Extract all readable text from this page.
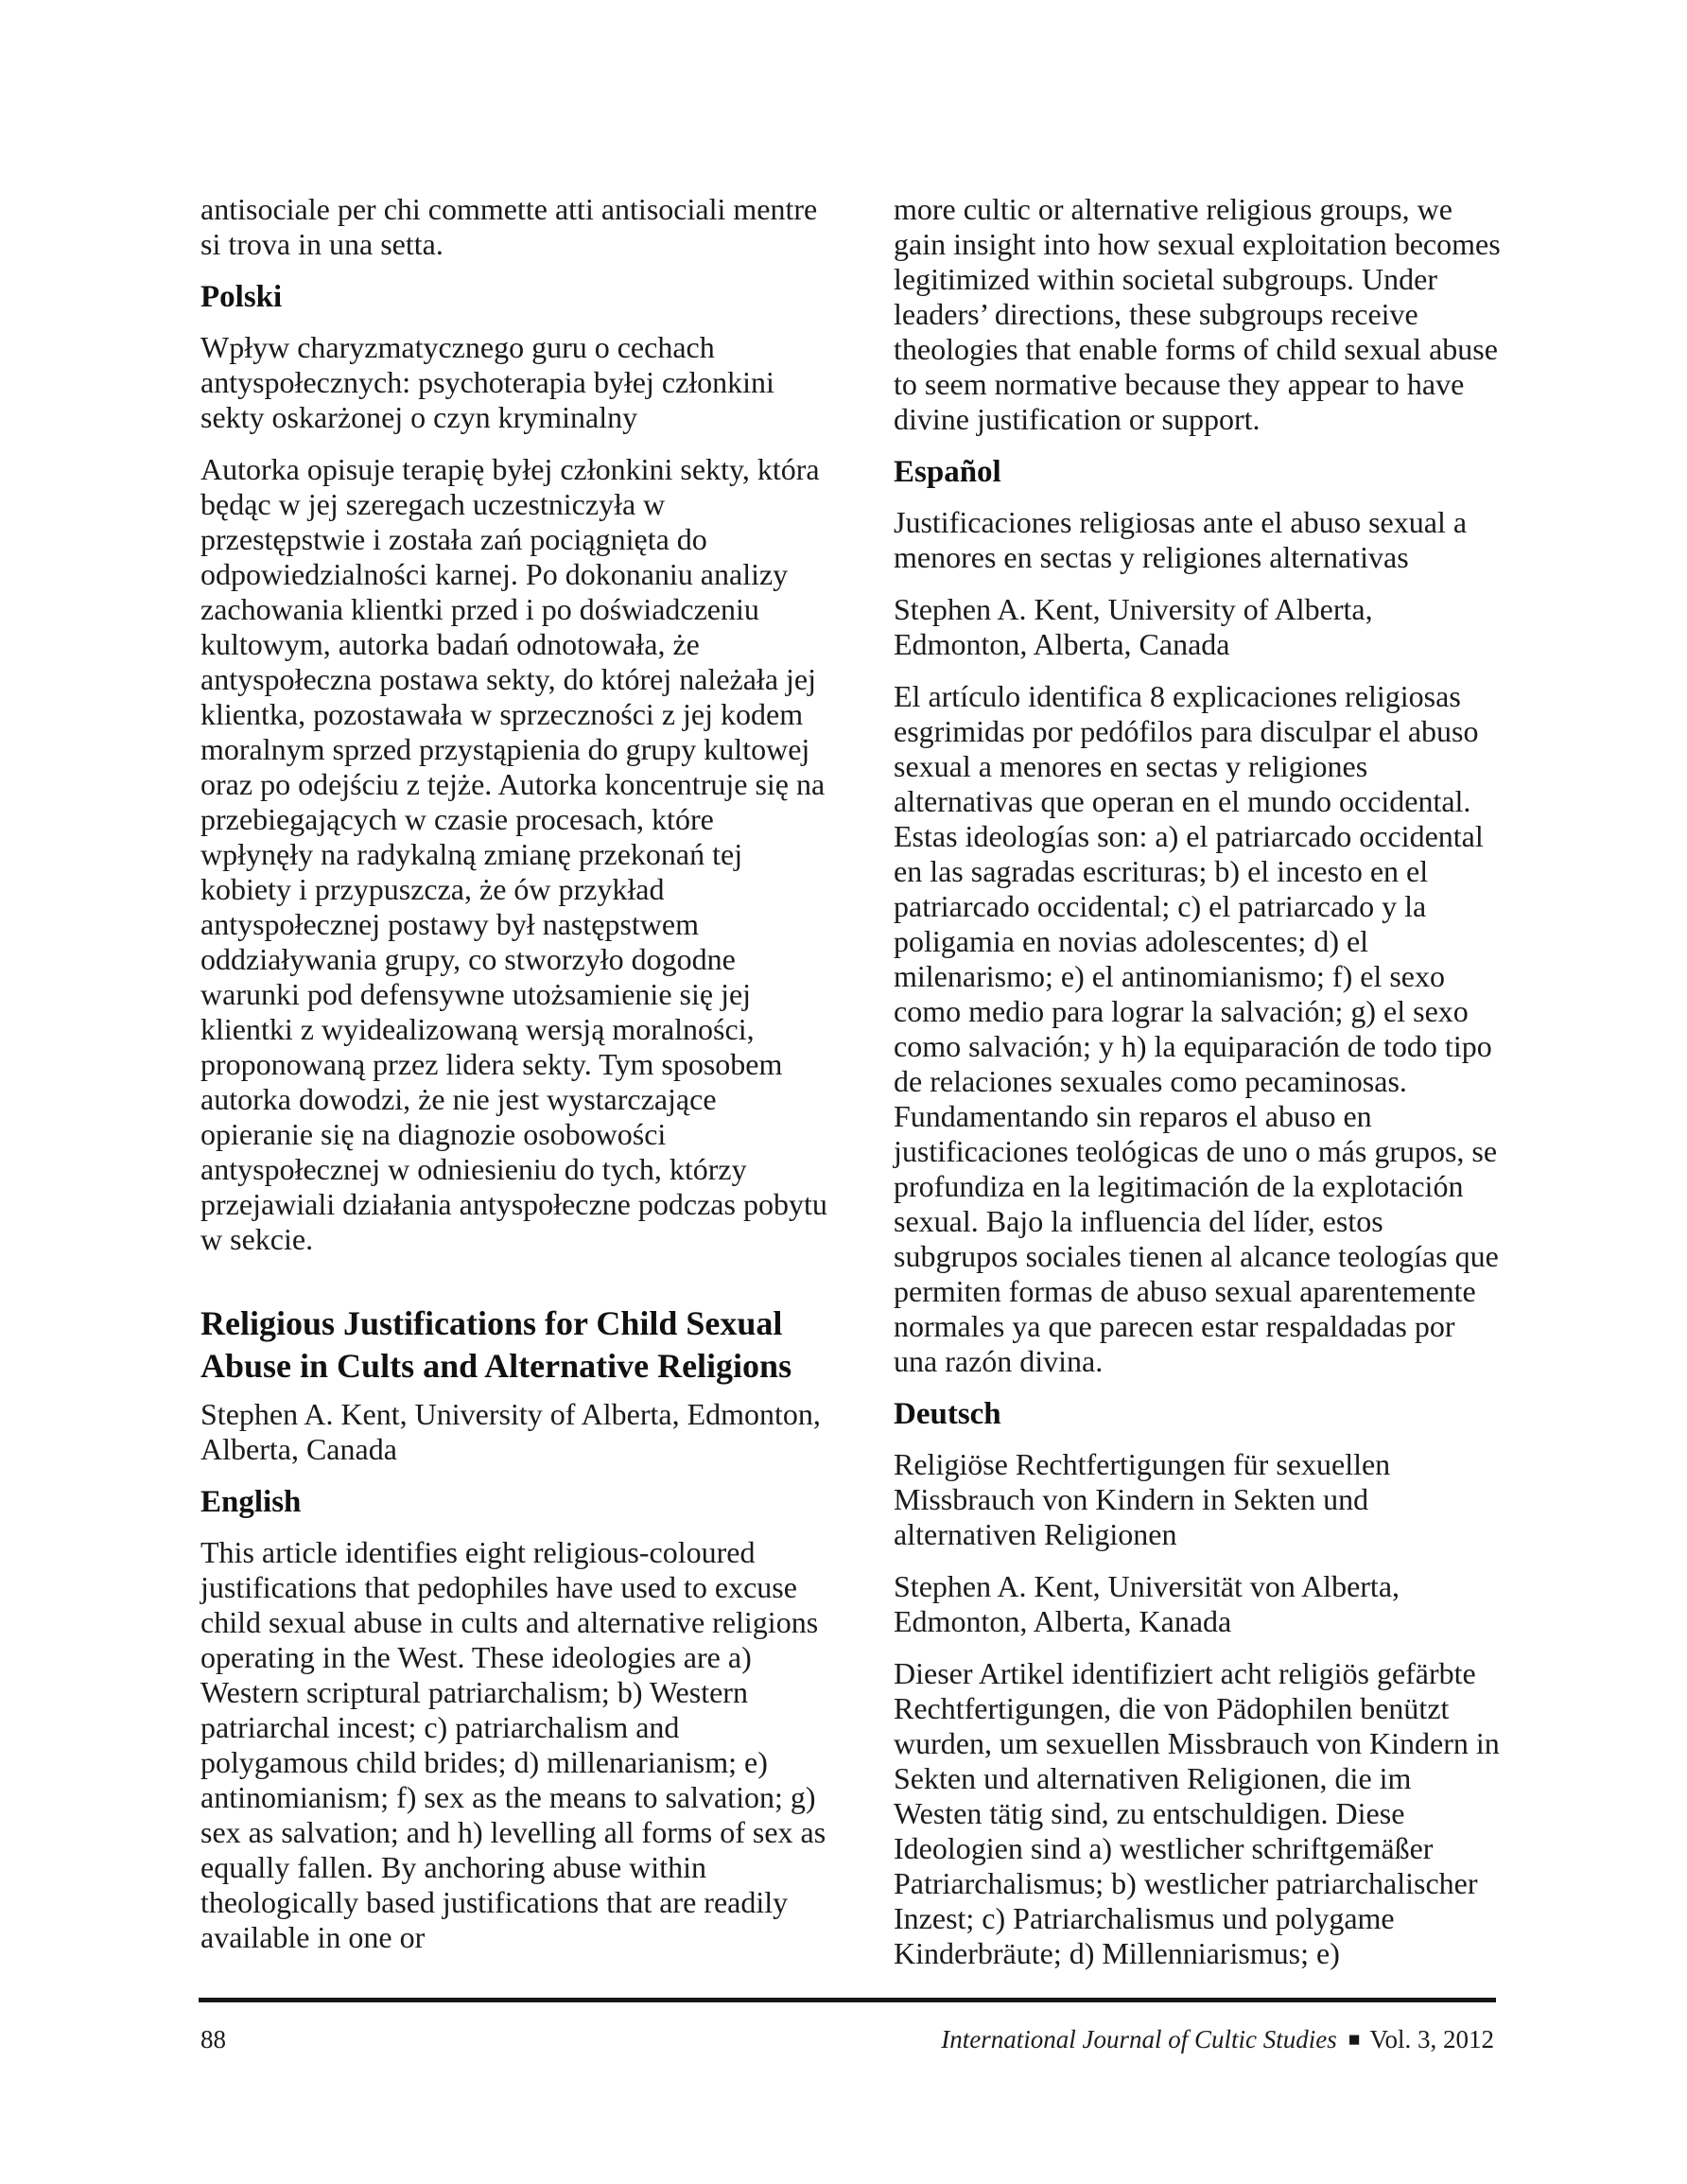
antisociale per chi commette atti antisociali mentre si trova in una setta.

Polski

Wpływ charyzmatycznego guru o cechach antyspołecznych: psychoterapia byłej członkini sekty oskarżonej o czyn kryminalny

Autorka opisuje terapię byłej członkini sekty, która będąc w jej szeregach uczestniczyła w przestępstwie i została zań pociągnięta do odpowiedzialności karnej. Po dokonaniu analizy zachowania klientki przed i po doświadczeniu kultowym, autorka badań odnotowała, że antyspołeczna postawa sekty, do której należała jej klientka, pozostawała w sprzeczności z jej kodem moralnym sprzed przystąpienia do grupy kultowej oraz po odejściu z tejże. Autorka koncentruje się na przebiegających w czasie procesach, które wpłynęły na radykalną zmianę przekonań tej kobiety i przypuszcza, że ów przykład antyspołecznej postawy był następstwem oddziaływania grupy, co stworzyło dogodne warunki pod defensywne utożsamienie się jej klientki z wyidealizowaną wersją moralności, proponowaną przez lidera sekty. Tym sposobem autorka dowodzi, że nie jest wystarczające opieranie się na diagnozie osobowości antyspołecznej w odniesieniu do tych, którzy przejawiali działania antyspołeczne podczas pobytu w sekcie.

Religious Justifications for Child Sexual Abuse in Cults and Alternative Religions

Stephen A. Kent, University of Alberta, Edmonton, Alberta, Canada

English

This article identifies eight religious-coloured justifications that pedophiles have used to excuse child sexual abuse in cults and alternative religions operating in the West. These ideologies are a) Western scriptural patriarchalism; b) Western patriarchal incest; c) patriarchalism and polygamous child brides; d) millenarianism; e) antinomianism; f) sex as the means to salvation; g) sex as salvation; and h) levelling all forms of sex as equally fallen. By anchoring abuse within theologically based justifications that are readily available in one or

more cultic or alternative religious groups, we gain insight into how sexual exploitation becomes legitimized within societal subgroups. Under leaders’ directions, these subgroups receive theologies that enable forms of child sexual abuse to seem normative because they appear to have divine justification or support.

Español

Justificaciones religiosas ante el abuso sexual a menores en sectas y religiones alternativas

Stephen A. Kent, University of Alberta, Edmonton, Alberta, Canada

El artículo identifica 8 explicaciones religiosas esgrimidas por pedófilos para disculpar el abuso sexual a menores en sectas y religiones alternativas que operan en el mundo occidental. Estas ideologías son: a) el patriarcado occidental en las sagradas escrituras; b) el incesto en el patriarcado occidental; c) el patriarcado y la poligamia en novias adolescentes; d) el milenarismo; e) el antinomianismo; f) el sexo como medio para lograr la salvación; g) el sexo como salvación; y h) la equiparación de todo tipo de relaciones sexuales como pecaminosas. Fundamentando sin reparos el abuso en justificaciones teológicas de uno o más grupos, se profundiza en la legitimación de la explotación sexual. Bajo la influencia del líder, estos subgrupos sociales tienen al alcance teologías que permiten formas de abuso sexual aparentemente normales ya que parecen estar respaldadas por una razón divina.

Deutsch

Religiöse Rechtfertigungen für sexuellen Missbrauch von Kindern in Sekten und alternativen Religionen

Stephen A. Kent, Universität von Alberta, Edmonton, Alberta, Kanada

Dieser Artikel identifiziert acht religiös gefärbte Rechtfertigungen, die von Pädophilen benützt wurden, um sexuellen Missbrauch von Kindern in Sekten und alternativen Religionen, die im Westen tätig sind, zu entschuldigen. Diese Ideologien sind a) westlicher schriftgemäßer Patriarchalismus; b) westlicher patriarchalischer Inzest; c) Patriarchalismus und polygame Kinderbräute; d) Millenniarismus; e)

88	International Journal of Cultic Studies ■ Vol. 3, 2012
